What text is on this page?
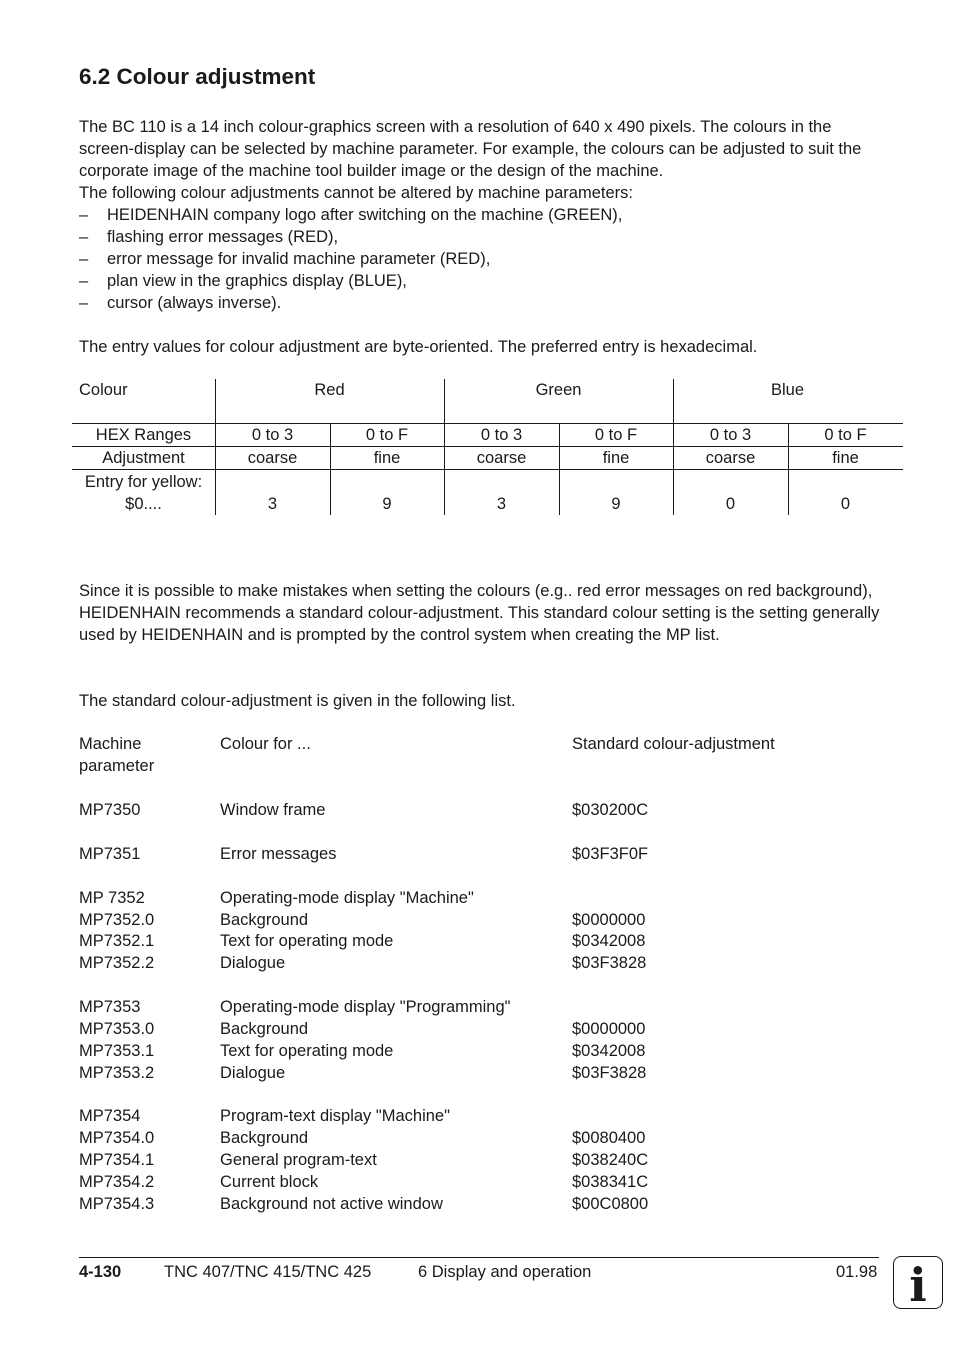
6.2 Colour adjustment

The BC 110 is a 14 inch colour-graphics screen with a resolution of 640 x 490 pixels. The colours in the screen-display can be selected by machine parameter. For example, the colours can be adjusted to suit the corporate image of the machine tool builder image or the design of the machine.

The following colour adjustments cannot be altered by machine parameters:
– HEIDENHAIN company logo after switching on the machine (GREEN),
– flashing error messages (RED),
– error message for invalid machine parameter (RED),
– plan view in the graphics display (BLUE),
– cursor (always inverse).
The entry values for colour adjustment are byte-oriented. The preferred entry is hexadecimal.
Colour	Red	Green	Blue
HEX Ranges	0 to 3	0 to F	0 to 3	0 to F	0 to 3	0 to F
Adjustment	coarse	fine	coarse	fine	coarse	fine
Entry for yellow:
$0....	3	9	3	9	0	0

Since it is possible to make mistakes when setting the colours (e.g.. red error messages on red background), HEIDENHAIN recommends a standard colour-adjustment. This standard colour setting is the setting generally used by HEIDENHAIN and is prompted by the control system when creating the MP list.

The standard colour-adjustment is given in the following list.
Machine
parameter
Colour for ...	Standard colour-adjustment
MP7350	Window frame	$030200C
MP7351	Error messages	$03F3F0F
MP 7352	Operating-mode display "Machine"
MP7352.0	Background	$0000000
MP7352.1	Text for operating mode	$0342008
MP7352.2	Dialogue	$03F3828
MP7353	Operating-mode display "Programming"
MP7353.0	Background	$0000000
MP7353.1	Text for operating mode	$0342008
MP7353.2	Dialogue	$03F3828
MP7354	Program-text display "Machine"
MP7354.0	Background	$0080400
MP7354.1	General program-text	$038240C
MP7354.2	Current block	$038341C
MP7354.3	Background not active window	$00C0800
4-130	TNC 407/TNC 415/TNC 425	6 Display and operation	01.98 i
